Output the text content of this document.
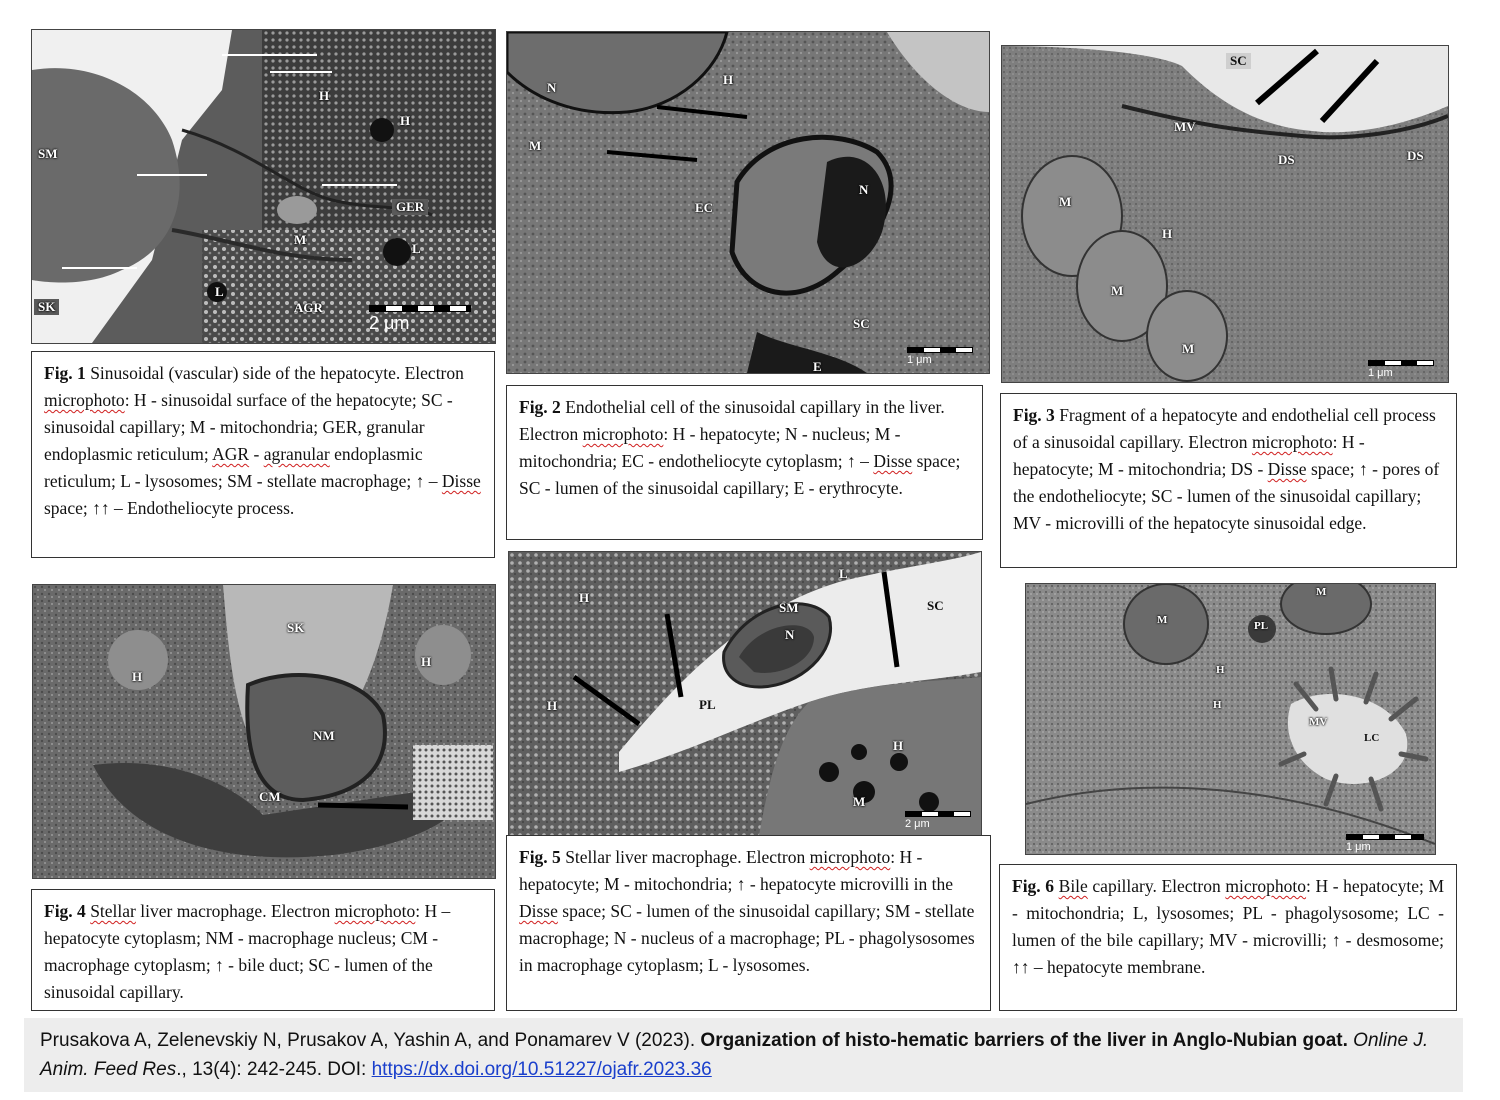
SM
H
H
GER
M
L
L
AGR
SK
2 μm
N
H
M
EC
N
SC
E	1 μm
SC
MV
DS	DS
M
H
M
M
1 μm
SK
H
H
NM
CM
H
L
SC
SM
N
H	PL
H
M
2 μm
M
M
PL
H
H
MV
LC
1 μm
Fig. 1 Sinusoidal (vascular) side of the hepatocyte. Electron microphoto: H - sinusoidal surface of the hepatocyte; SC - sinusoidal capillary; M - mitochondria; GER, granular endoplasmic reticulum; AGR - agranular endoplasmic reticulum; L - lysosomes; SM - stellate macrophage; ↑ – Disse space; ↑↑ – Endotheliocyte process.
Fig. 2 Endothelial cell of the sinusoidal capillary in the liver. Electron microphoto: H - hepatocyte; N - nucleus; M - mitochondria; EC - endotheliocyte cytoplasm; ↑ – Disse space; SC - lumen of the sinusoidal capillary; E - erythrocyte.
Fig. 3 Fragment of a hepatocyte and endothelial cell process of a sinusoidal capillary. Electron microphoto: H - hepatocyte; M - mitochondria; DS - Disse space; ↑ - pores of the endotheliocyte; SC - lumen of the sinusoidal capillary; MV - microvilli of the hepatocyte sinusoidal edge.
Fig. 4 Stellar liver macrophage. Electron microphoto: H – hepatocyte cytoplasm; NM - macrophage nucleus; CM - macrophage cytoplasm; ↑ - bile duct; SC - lumen of the sinusoidal capillary.
Fig. 5 Stellar liver macrophage. Electron microphoto: H - hepatocyte; M - mitochondria; ↑ - hepatocyte microvilli in the Disse space; SC - lumen of the sinusoidal capillary; SM - stellate macrophage; N - nucleus of a macrophage; PL - phagolysosomes in macrophage cytoplasm; L - lysosomes.
Fig. 6 Bile capillary. Electron microphoto: H - hepatocyte; M - mitochondria; L, lysosomes; PL - phagolysosome; LC - lumen of the bile capillary; MV - microvilli; ↑ - desmosome; ↑↑ – hepatocyte membrane.
Prusakova A, Zelenevskiy N, Prusakov A, Yashin A, and Ponamarev V (2023). Organization of histo-hematic barriers of the liver in Anglo-Nubian goat. Online J. Anim. Feed Res., 13(4): 242-245. DOI: https://dx.doi.org/10.51227/ojafr.2023.36
